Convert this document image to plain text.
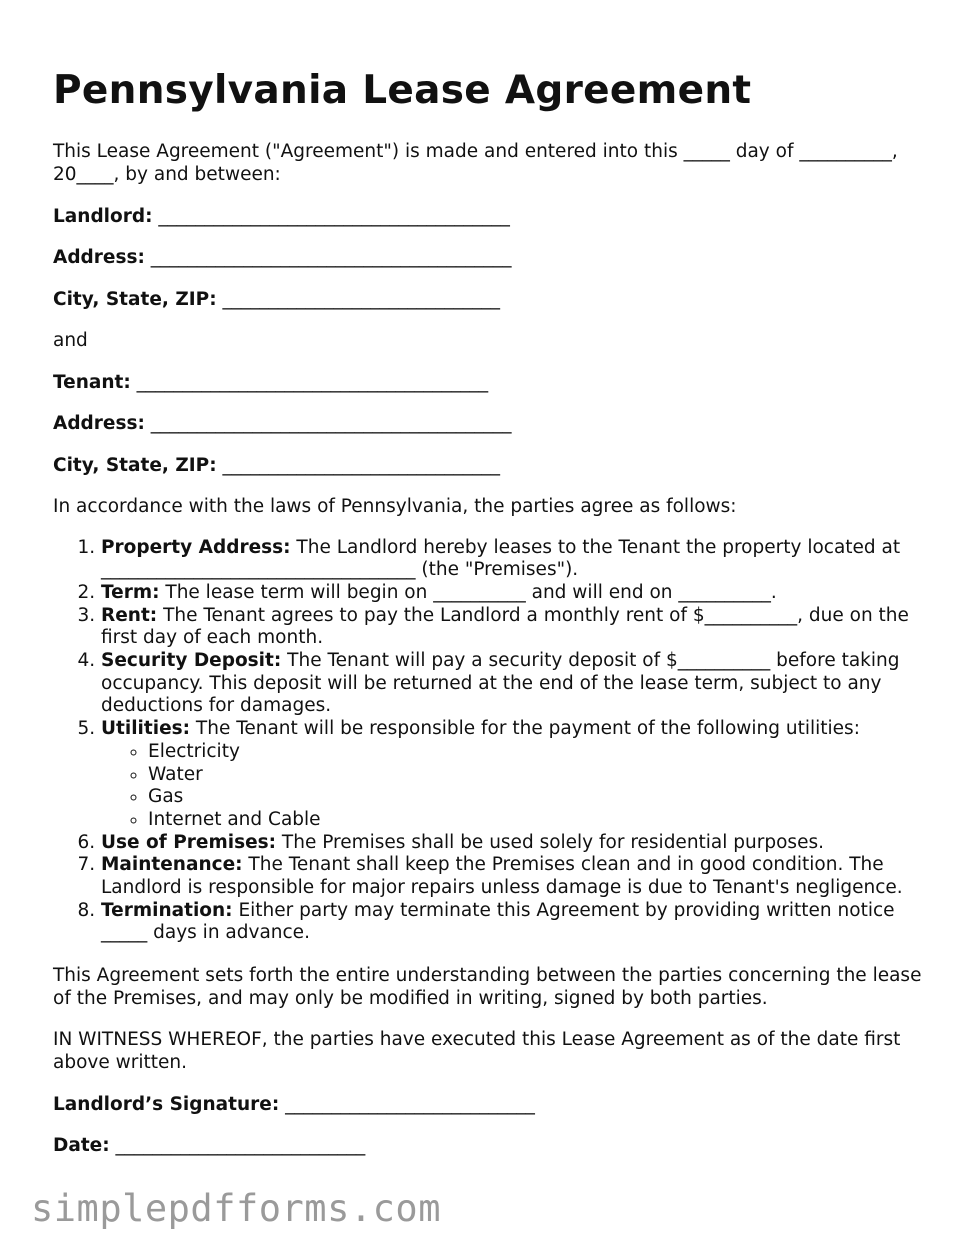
Pennsylvania Lease Agreement

This Lease Agreement ("Agreement") is made and entered into this _____ day of __________, 20____, by and between:

Landlord: ______________________________________

Address: _______________________________________

City, State, ZIP: ______________________________

and

Tenant: ______________________________________

Address: _______________________________________

City, State, ZIP: ______________________________

In accordance with the laws of Pennsylvania, the parties agree as follows:

1. Property Address: The Landlord hereby leases to the Tenant the property located at __________________________________ (the "Premises").
2. Term: The lease term will begin on __________ and will end on __________.
3. Rent: The Tenant agrees to pay the Landlord a monthly rent of $__________, due on the first day of each month.
4. Security Deposit: The Tenant will pay a security deposit of $__________ before taking occupancy. This deposit will be returned at the end of the lease term, subject to any deductions for damages.
5. Utilities: The Tenant will be responsible for the payment of the following utilities:
◦ Electricity
◦ Water
◦ Gas
◦ Internet and Cable
6. Use of Premises: The Premises shall be used solely for residential purposes.
7. Maintenance: The Tenant shall keep the Premises clean and in good condition. The Landlord is responsible for major repairs unless damage is due to Tenant's negligence.
8. Termination: Either party may terminate this Agreement by providing written notice _____ days in advance.

This Agreement sets forth the entire understanding between the parties concerning the lease of the Premises, and may only be modified in writing, signed by both parties.

IN WITNESS WHEREOF, the parties have executed this Lease Agreement as of the date first above written.

Landlord’s Signature: ___________________________

Date: ___________________________

simplepdfforms.com
